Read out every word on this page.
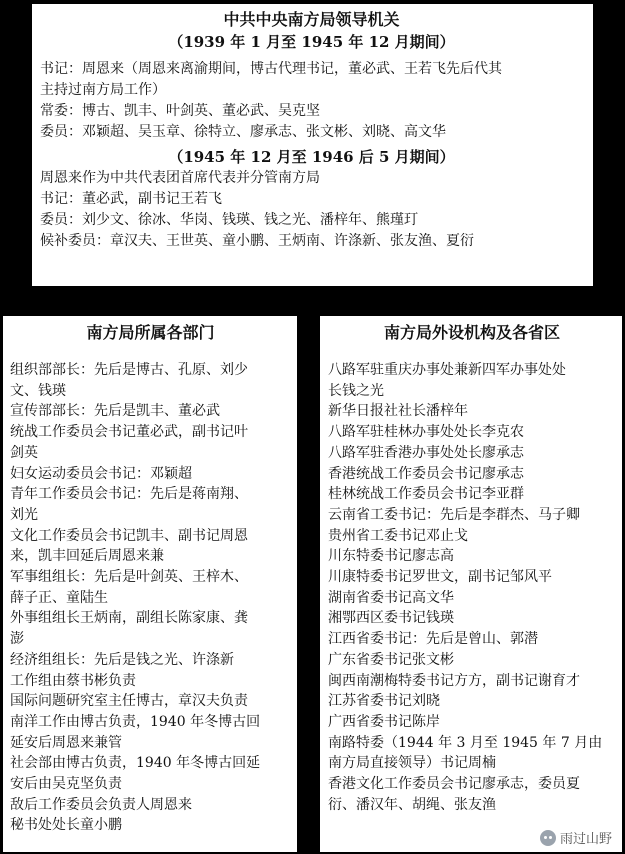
中共中央南方局领导机关

（1939 年 1 月至 1945 年 12 月期间）

书记：周恩来（周恩来离渝期间，博古代理书记，董必武、王若飞先后代其

主持过南方局工作）

常委：博古、凯丰、叶剑英、董必武、吴克坚

委员：邓颖超、吴玉章、徐特立、廖承志、张文彬、刘晓、高文华

（1945 年 12 月至 1946 后 5 月期间）

周恩来作为中共代表团首席代表并分管南方局

书记：董必武，副书记王若飞

委员：刘少文、徐冰、华岗、钱瑛、钱之光、潘梓年、熊瑾玎

候补委员：章汉夫、王世英、童小鹏、王炳南、许涤新、张友渔、夏衍

南方局所属各部门

组织部部长：先后是博古、孔原、刘少

文、钱瑛

宣传部部长：先后是凯丰、董必武

统战工作委员会书记董必武，副书记叶

剑英

妇女运动委员会书记：邓颖超

青年工作委员会书记：先后是蒋南翔、

刘光

文化工作委员会书记凯丰、副书记周恩

来，凯丰回延后周恩来兼

军事组组长：先后是叶剑英、王梓木、

薛子正、童陆生

外事组组长王炳南，副组长陈家康、龚

澎

经济组组长：先后是钱之光、许涤新

工作组由蔡书彬负责

国际问题研究室主任博古，章汉夫负责

南洋工作由博古负责，1940 年冬博古回

延安后周恩来兼管

社会部由博古负责，1940 年冬博古回延

安后由吴克坚负责

敌后工作委员会负责人周恩来

秘书处处长童小鹏

南方局外设机构及各省区

八路军驻重庆办事处兼新四军办事处处

长钱之光

新华日报社社长潘梓年

八路军驻桂林办事处处长李克农

八路军驻香港办事处处长廖承志

香港统战工作委员会书记廖承志

桂林统战工作委员会书记李亚群

云南省工委书记：先后是李群杰、马子卿

贵州省工委书记邓止戈

川东特委书记廖志高

川康特委书记罗世文，副书记邹风平

湖南省委书记高文华

湘鄂西区委书记钱瑛

江西省委书记：先后是曾山、郭潜

广东省委书记张文彬

闽西南潮梅特委书记方方，副书记谢育才

江苏省委书记刘晓

广西省委书记陈岸

南路特委（1944 年 3 月至 1945 年 7 月由

南方局直接领导）书记周楠

香港文化工作委员会书记廖承志，委员夏

衍、潘汉年、胡绳、张友渔

雨过山野
